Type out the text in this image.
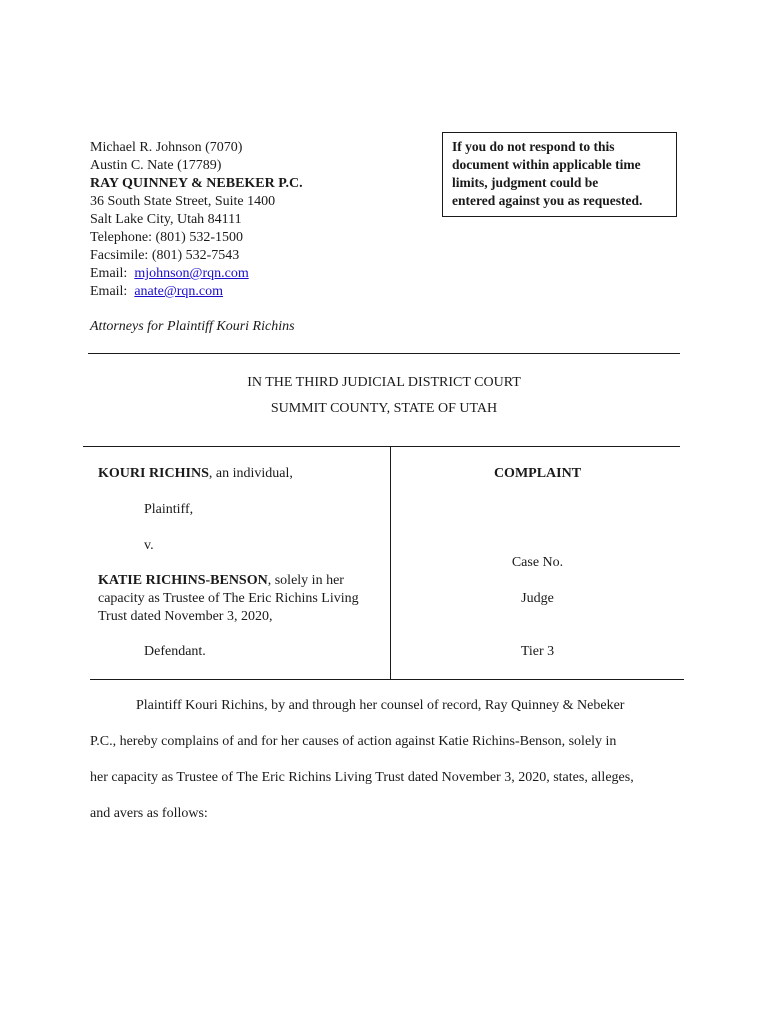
Michael R. Johnson (7070)
Austin C. Nate (17789)
RAY QUINNEY & NEBEKER P.C.
36 South State Street, Suite 1400
Salt Lake City, Utah 84111
Telephone: (801) 532-1500
Facsimile: (801) 532-7543
Email: mjohnson@rqn.com
Email: anate@rqn.com
Attorneys for Plaintiff Kouri Richins
If you do not respond to this
document within applicable time
limits, judgment could be
entered against you as requested.
IN THE THIRD JUDICIAL DISTRICT COURT
SUMMIT COUNTY, STATE OF UTAH
KOURI RICHINS, an individual,
Plaintiff,
v.
KATIE RICHINS-BENSON, solely in her
capacity as Trustee of The Eric Richins Living
Trust dated November 3, 2020,
Defendant.
COMPLAINT
Case No.
Judge
Tier 3
Plaintiff Kouri Richins, by and through her counsel of record, Ray Quinney & Nebeker
P.C., hereby complains of and for her causes of action against Katie Richins-Benson, solely in
her capacity as Trustee of The Eric Richins Living Trust dated November 3, 2020, states, alleges,
and avers as follows:
